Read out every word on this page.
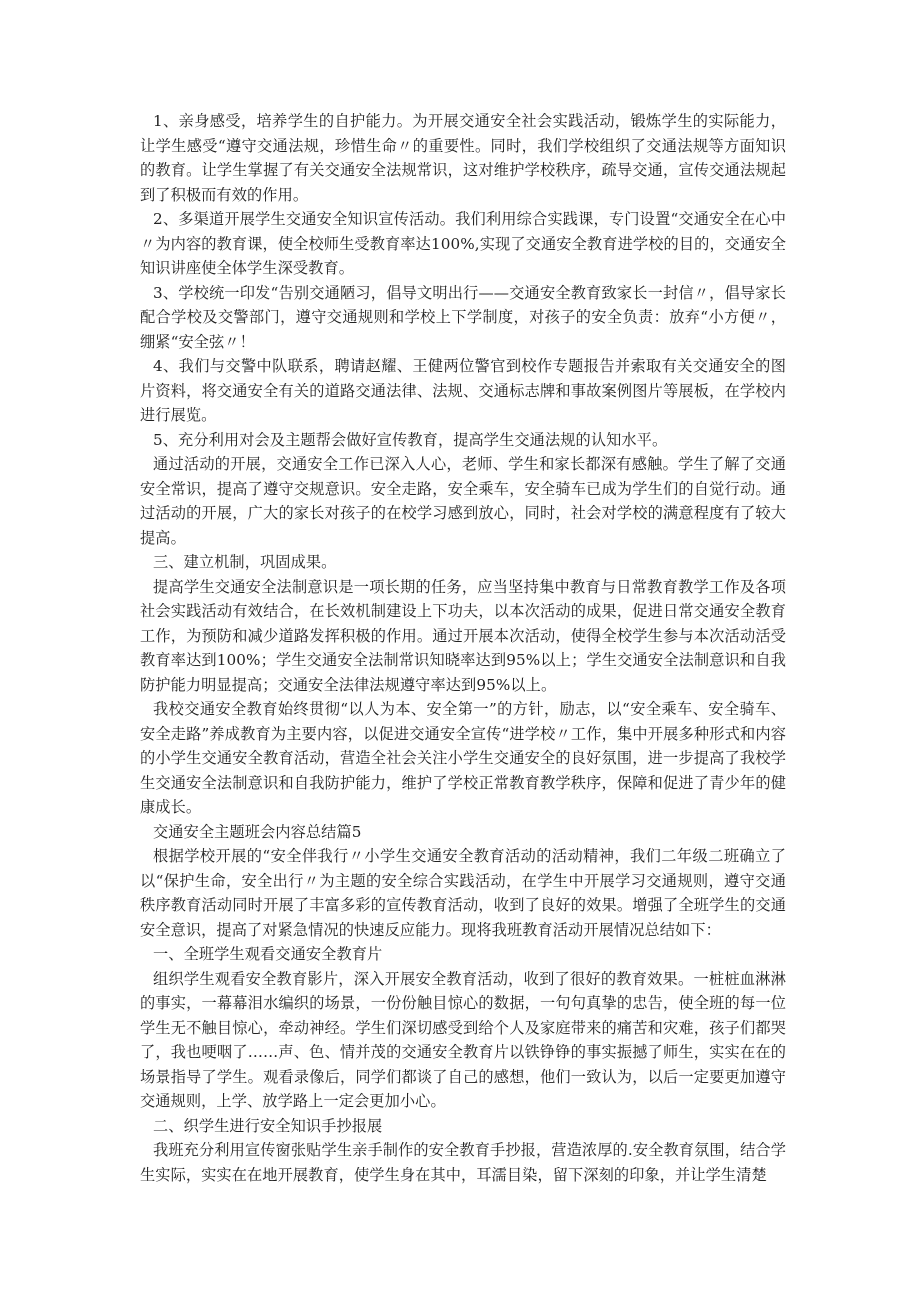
1、亲身感受，培养学生的自护能力。为开展交通安全社会实践活动，锻炼学生的实际能力，让学生感受“遵守交通法规，珍惜生命〃的重要性。同时，我们学校组织了交通法规等方面知识的教育。让学生掌握了有关交通安全法规常识，这对维护学校秩序，疏导交通，宣传交通法规起到了积极而有效的作用。

2、多渠道开展学生交通安全知识宣传活动。我们利用综合实践课，专门设置“交通安全在心中〃为内容的教育课，使全校师生受教育率达100%,实现了交通安全教育进学校的目的，交通安全知识讲座使全体学生深受教育。

3、学校统一印发“告别交通陋习，倡导文明出行——交通安全教育致家长一封信〃，倡导家长配合学校及交警部门，遵守交通规则和学校上下学制度，对孩子的安全负责：放弃“小方便〃，绷紧“安全弦〃！

4、我们与交警中队联系，聘请赵耀、王健两位警官到校作专题报告并索取有关交通安全的图片资料，将交通安全有关的道路交通法律、法规、交通标志牌和事故案例图片等展板，在学校内进行展览。

5、充分利用对会及主题帮会做好宣传教育，提高学生交通法规的认知水平。

通过活动的开展，交通安全工作已深入人心，老师、学生和家长都深有感触。学生了解了交通安全常识，提高了遵守交规意识。安全走路，安全乘车，安全骑车已成为学生们的自觉行动。通过活动的开展，广大的家长对孩子的在校学习感到放心，同时，社会对学校的满意程度有了较大提高。

三、建立机制，巩固成果。

提高学生交通安全法制意识是一项长期的任务，应当坚持集中教育与日常教育教学工作及各项社会实践活动有效结合，在长效机制建设上下功夫，以本次活动的成果，促进日常交通安全教育工作，为预防和减少道路发挥积极的作用。通过开展本次活动，使得全校学生参与本次活动活受教育率达到100%；学生交通安全法制常识知晓率达到95%以上；学生交通安全法制意识和自我防护能力明显提高；交通安全法律法规遵守率达到95%以上。

我校交通安全教育始终贯彻“以人为本、安全第一”的方针，励志，以“安全乘车、安全骑车、安全走路”养成教育为主要内容，以促进交通安全宣传“进学校〃工作，集中开展多种形式和内容的小学生交通安全教育活动，营造全社会关注小学生交通安全的良好氛围，进一步提高了我校学生交通安全法制意识和自我防护能力，维护了学校正常教育教学秩序，保障和促进了青少年的健康成长。

交通安全主题班会内容总结篇5

根据学校开展的“安全伴我行〃小学生交通安全教育活动的活动精神，我们二年级二班确立了以“保护生命，安全出行〃为主题的安全综合实践活动，在学生中开展学习交通规则，遵守交通秩序教育活动同时开展了丰富多彩的宣传教育活动，收到了良好的效果。增强了全班学生的交通安全意识，提高了对紧急情况的快速反应能力。现将我班教育活动开展情况总结如下：

一、全班学生观看交通安全教育片

组织学生观看安全教育影片，深入开展安全教育活动，收到了很好的教育效果。一桩桩血淋淋的事实，一幕幕泪水编织的场景，一份份触目惊心的数据，一句句真挚的忠告，使全班的每一位学生无不触目惊心，牵动神经。学生们深切感受到给个人及家庭带来的痛苦和灾难，孩子们都哭了，我也哽咽了……声、色、情并茂的交通安全教育片以铁铮铮的事实振撼了师生，实实在在的场景指导了学生。观看录像后，同学们都谈了自己的感想，他们一致认为，以后一定要更加遵守交通规则，上学、放学路上一定会更加小心。

二、织学生进行安全知识手抄报展

我班充分利用宣传窗张贴学生亲手制作的安全教育手抄报，营造浓厚的.安全教育氛围，结合学生实际，实实在在地开展教育，使学生身在其中，耳濡目染，留下深刻的印象，并让学生清楚
